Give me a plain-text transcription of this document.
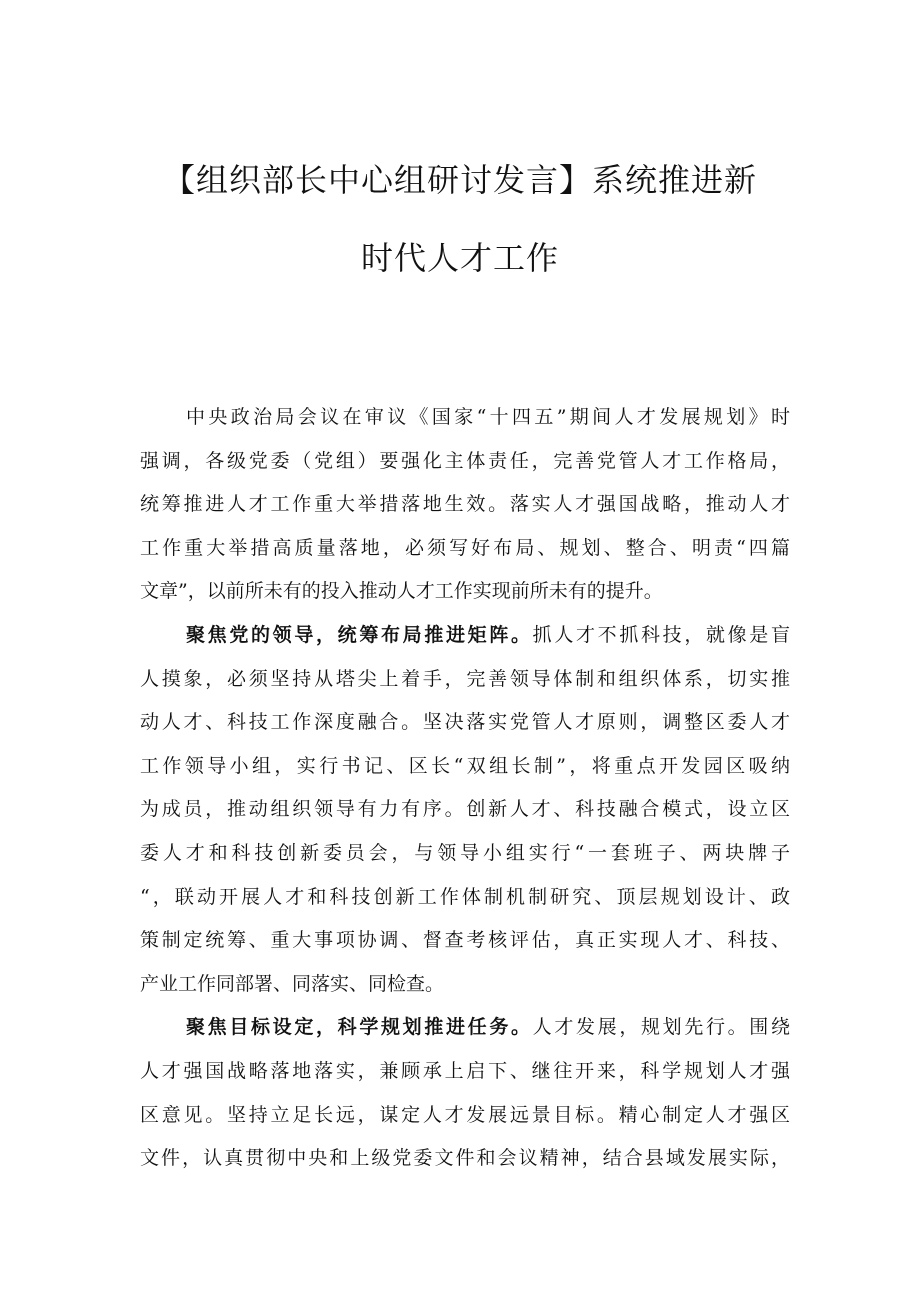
【组织部长中心组研讨发言】系统推进新
时代人才工作
中央政治局会议在审议《国家“十四五”期间人才发展规划》时
强调，各级党委（党组）要强化主体责任，完善党管人才工作格局，
统筹推进人才工作重大举措落地生效。落实人才强国战略，推动人才
工作重大举措高质量落地，必须写好布局、规划、整合、明责“四篇
文章”，以前所未有的投入推动人才工作实现前所未有的提升。
聚焦党的领导，统筹布局推进矩阵。抓人才不抓科技，就像是盲
人摸象，必须坚持从塔尖上着手，完善领导体制和组织体系，切实推
动人才、科技工作深度融合。坚决落实党管人才原则，调整区委人才
工作领导小组，实行书记、区长“双组长制”，将重点开发园区吸纳
为成员，推动组织领导有力有序。创新人才、科技融合模式，设立区
委人才和科技创新委员会，与领导小组实行“一套班子、两块牌子
“，联动开展人才和科技创新工作体制机制研究、顶层规划设计、政
策制定统筹、重大事项协调、督查考核评估，真正实现人才、科技、
产业工作同部署、同落实、同检查。
聚焦目标设定，科学规划推进任务。人才发展，规划先行。围绕
人才强国战略落地落实，兼顾承上启下、继往开来，科学规划人才强
区意见。坚持立足长远，谋定人才发展远景目标。精心制定人才强区
文件，认真贯彻中央和上级党委文件和会议精神，结合县域发展实际，
